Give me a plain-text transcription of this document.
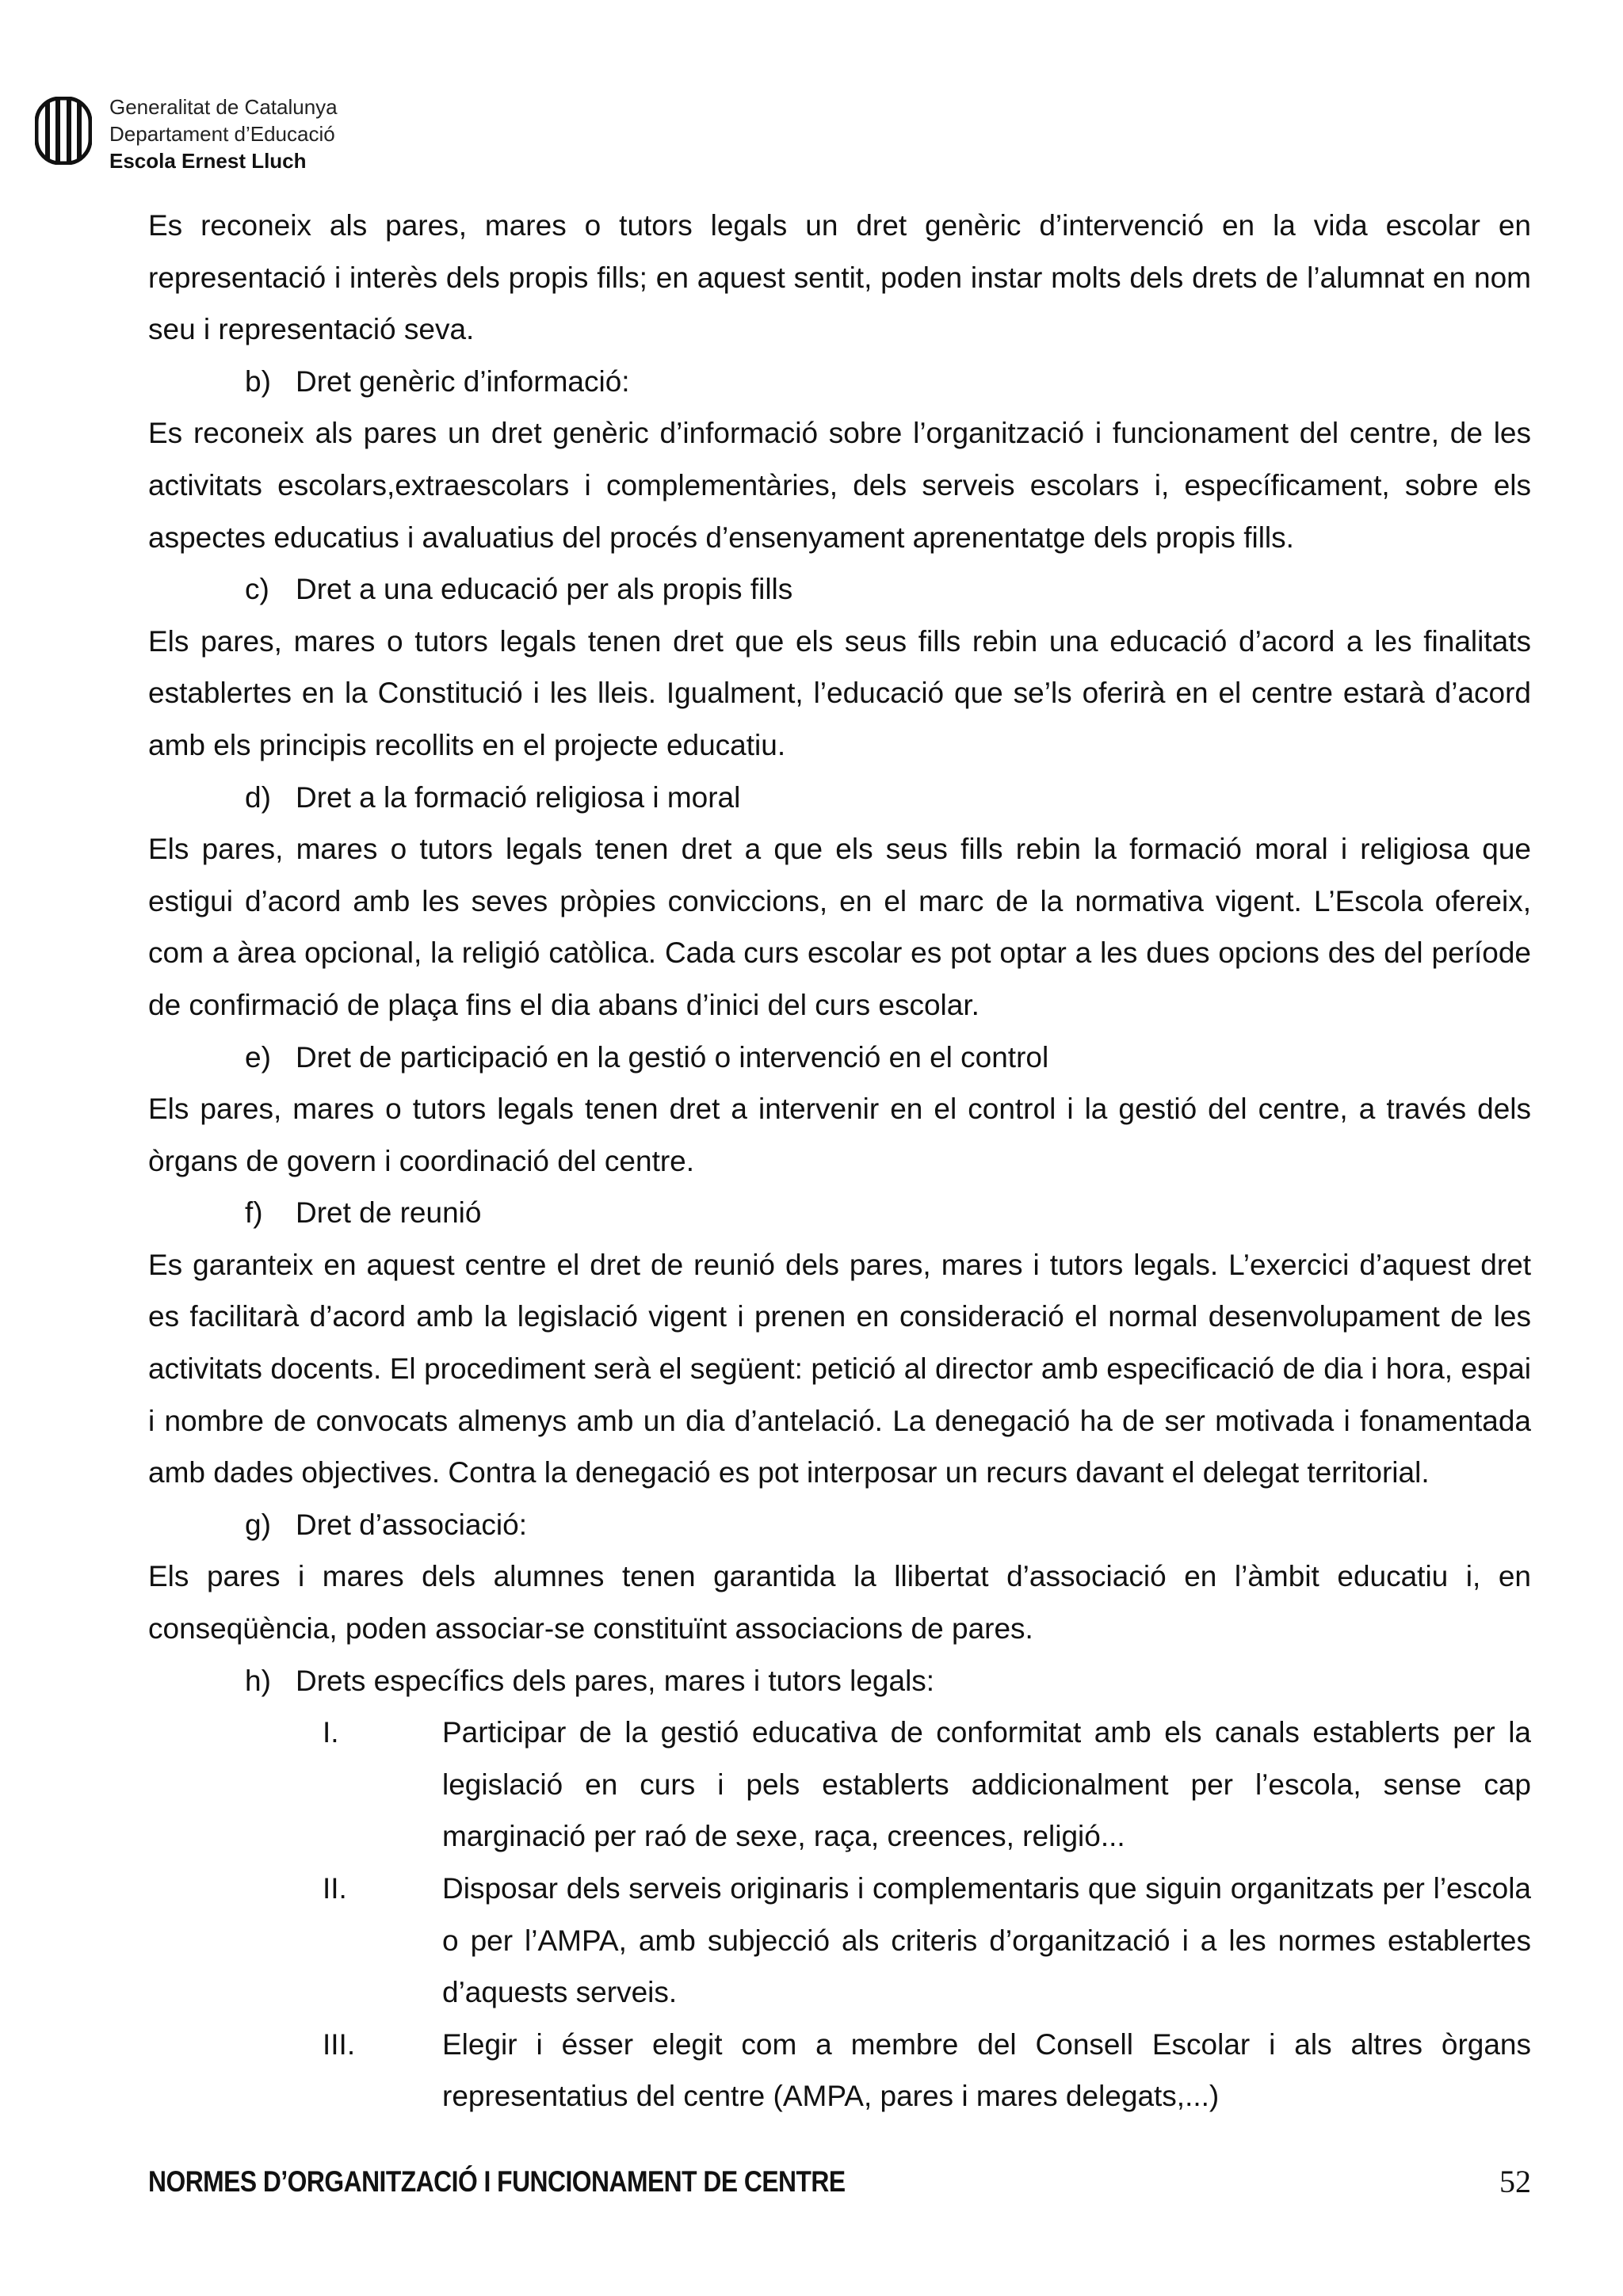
Generalitat de Catalunya
Departament d’Educació
Escola Ernest Lluch

Es reconeix als pares, mares o tutors legals un dret genèric d’intervenció en la vida escolar en representació i interès dels propis fills; en aquest sentit, poden instar molts dels drets de l’alumnat en nom seu i representació seva.

b) Dret genèric d’informació:

Es reconeix als pares un dret genèric d’informació sobre l’organització i funcionament del centre, de les activitats escolars,extraescolars i complementàries, dels serveis escolars i, específicament, sobre els aspectes educatius i avaluatius del procés d’ensenyament aprenentatge dels propis fills.

c) Dret a una educació per als propis fills

Els pares, mares o tutors legals tenen dret que els seus fills rebin una educació d’acord a les finalitats establertes en la Constitució i les lleis. Igualment, l’educació que se’ls oferirà en el centre estarà d’acord amb els principis recollits en el projecte educatiu.

d) Dret a la formació religiosa i moral

Els pares, mares o tutors legals tenen dret a que els seus fills rebin la formació moral i religiosa que estigui d’acord amb les seves pròpies conviccions, en el marc de la normativa vigent. L’Escola ofereix, com a àrea opcional, la religió catòlica. Cada curs escolar es pot optar a les dues opcions des del període de confirmació de plaça fins el dia abans d’inici del curs escolar.

e) Dret de participació en la gestió o intervenció en el control

Els pares, mares o tutors legals tenen dret a intervenir en el control i la gestió del centre, a través dels òrgans de govern i coordinació del centre.

f) Dret de reunió

Es garanteix en aquest centre el dret de reunió dels pares, mares i tutors legals. L’exercici d’aquest dret es facilitarà d’acord amb la legislació vigent i prenen en consideració el normal desenvolupament de les activitats docents. El procediment serà el següent: petició al director amb especificació de dia i hora, espai i nombre de convocats almenys amb un dia d’antelació. La denegació ha de ser motivada i fonamentada amb dades objectives. Contra la denegació es pot interposar un recurs davant el delegat territorial.

g) Dret d’associació:

Els pares i mares dels alumnes tenen garantida la llibertat d’associació en l’àmbit educatiu i, en conseqüència, poden associar-se constituïnt associacions de pares.

h) Drets específics dels pares, mares i tutors legals:

I.	Participar de la gestió educativa de conformitat amb els canals establerts per la legislació en curs i pels establerts addicionalment per l’escola, sense cap marginació per raó de sexe, raça, creences, religió...
II.	Disposar dels serveis originaris i complementaris que siguin organitzats per l’escola o per l’AMPA, amb subjecció als criteris d’organització i a les normes establertes d’aquests serveis.
III.	Elegir i ésser elegit com a membre del Consell Escolar i als altres òrgans representatius del centre (AMPA, pares i mares delegats,...)
NORMES D’ORGANITZACIÓ I FUNCIONAMENT DE CENTRE	52
